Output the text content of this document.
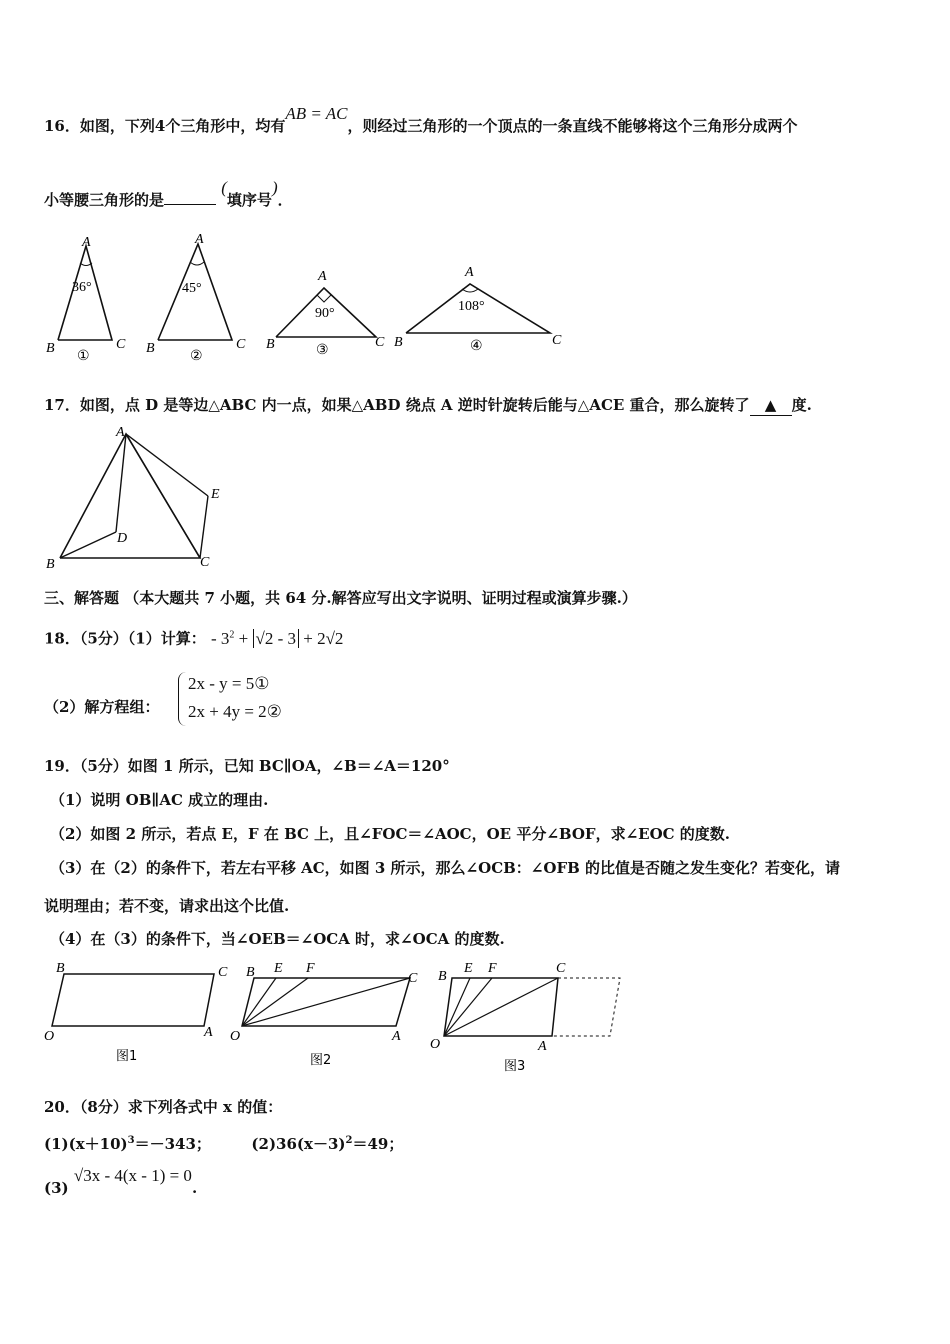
16．如图，下列4个三角形中，均有AB = AC，则经过三角形的一个顶点的一条直线不能够将这个三角形分成两个
小等腰三角形的是 (填序号)．
A
B	C
36°
①
A
B	C
45°
②
A
B	C
90°
③
A
B	C
108°
④
17．如图，点 D 是等边△ABC 内一点，如果△ABD 绕点 A 逆时针旋转后能与△ACE 重合，那么旋转了 ▲ 度.
A
B	C
D
E
三、解答题 （本大题共 7 小题，共 64 分.解答应写出文字说明、证明过程或演算步骤.）
18．（5分）（1）计算： - $3^2 + √2 - 3 + 2√2$
（2）解方程组：
2x - y = 5①
2x + 4y = 2②
19．（5分）如图 1 所示，已知 BC∥OA，∠B＝∠A＝120°
（1）说明 OB∥AC 成立的理由.
（2）如图 2 所示，若点 E，F 在 BC 上，且∠FOC＝∠AOC，OE 平分∠BOF，求∠EOC 的度数.
（3）在（2）的条件下，若左右平移 AC，如图 3 所示，那么∠OCB：∠OFB 的比值是否随之发生变化？若变化，请
说明理由；若不变，请求出这个比值.
（4）在（3）的条件下，当∠OEB＝∠OCA 时，求∠OCA 的度数.
B	C
O	A
图1
B E F
C
O	A
图2
B
E F	C
O	A
图3
20．（8分）求下列各式中 x 的值：
$(1)(x+10)^3=-343$；	$(2)36(x-3)^2=49$；
(3) √3x - 4(x - 1) = 0.
